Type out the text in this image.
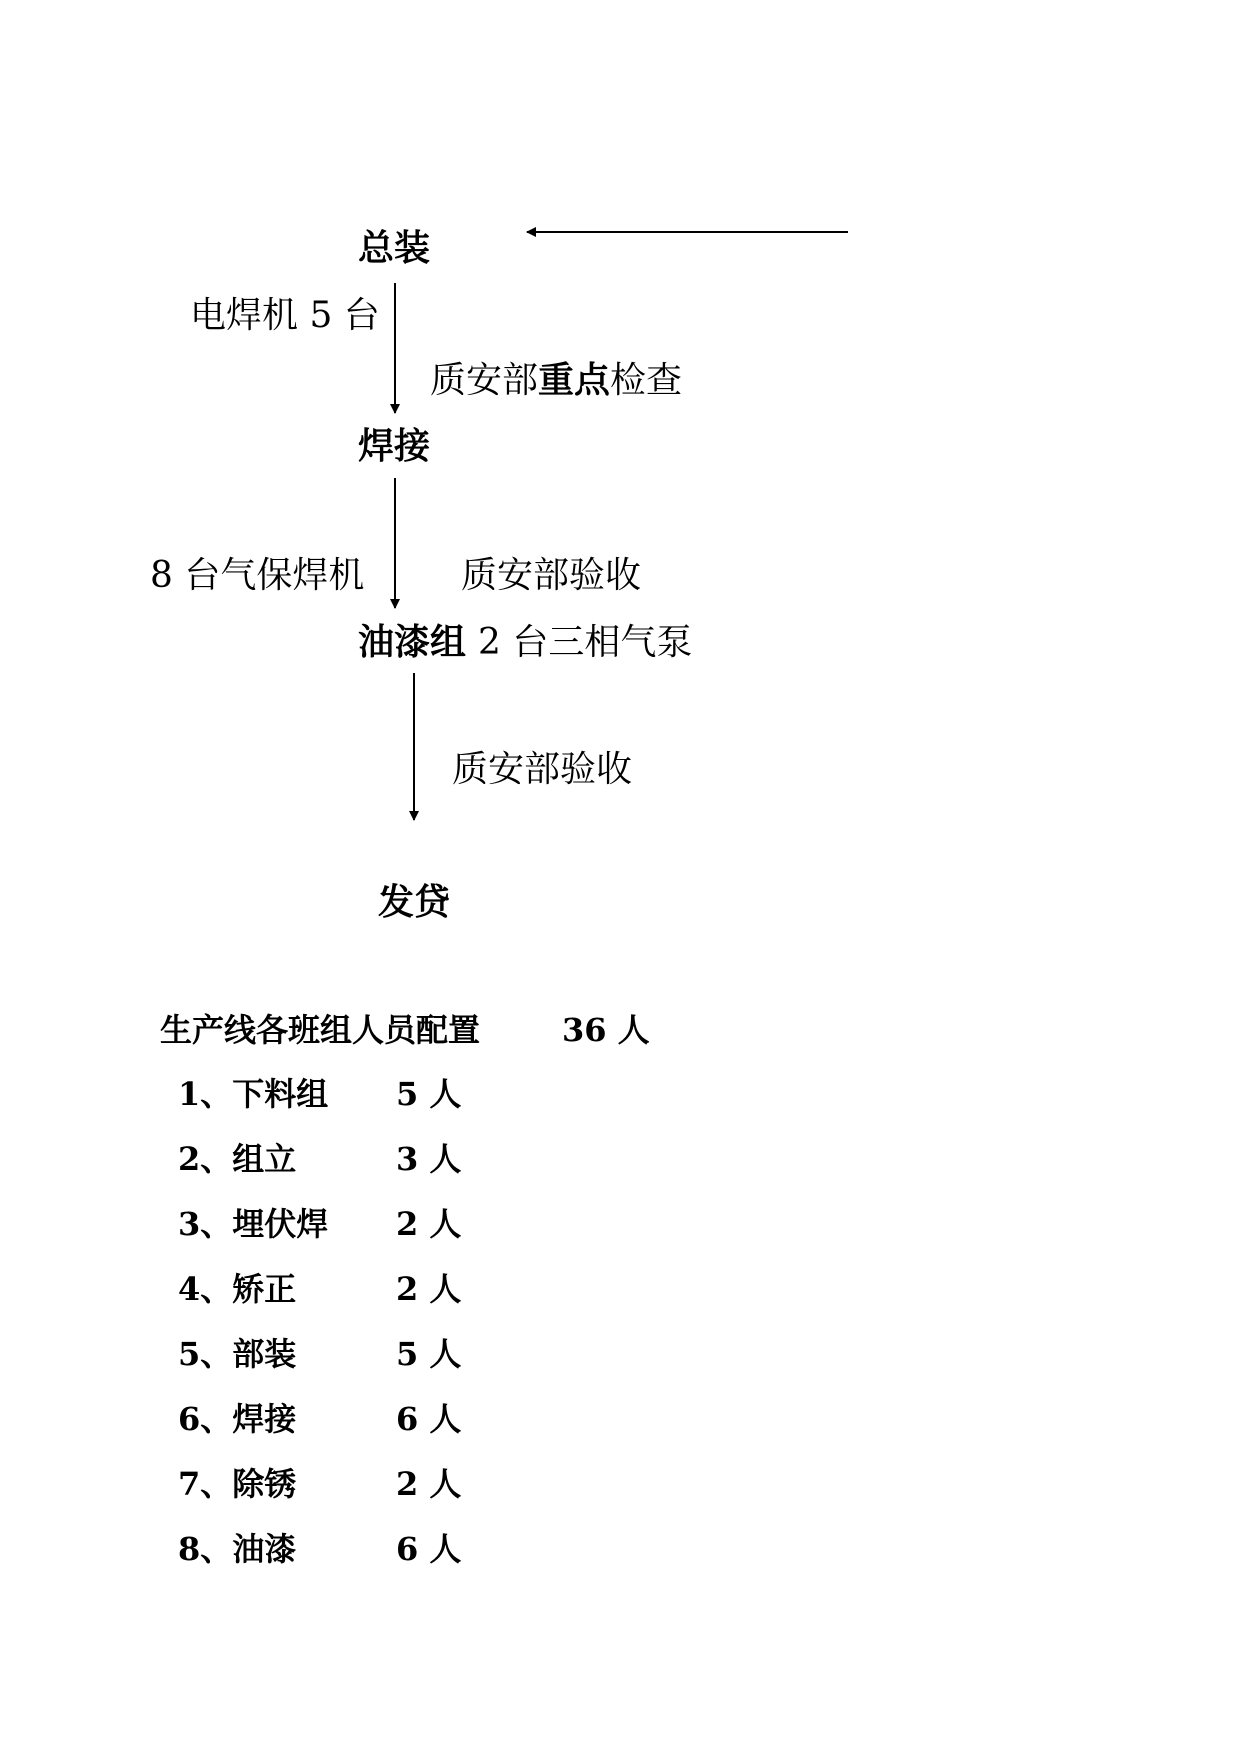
总装
焊接
油漆组 2 台三相气泵
发贷
电焊机 5 台
质安部重点检查
8 台气保焊机	质安部验收
质安部验收
生产线各班组人员配置	36 人
1、下料组 5 人
2、组立	3 人
3、埋伏焊 2 人
4、矫正	2 人
5、部装	5 人
6、焊接	6 人
7、除锈	2 人
8、油漆	6 人
